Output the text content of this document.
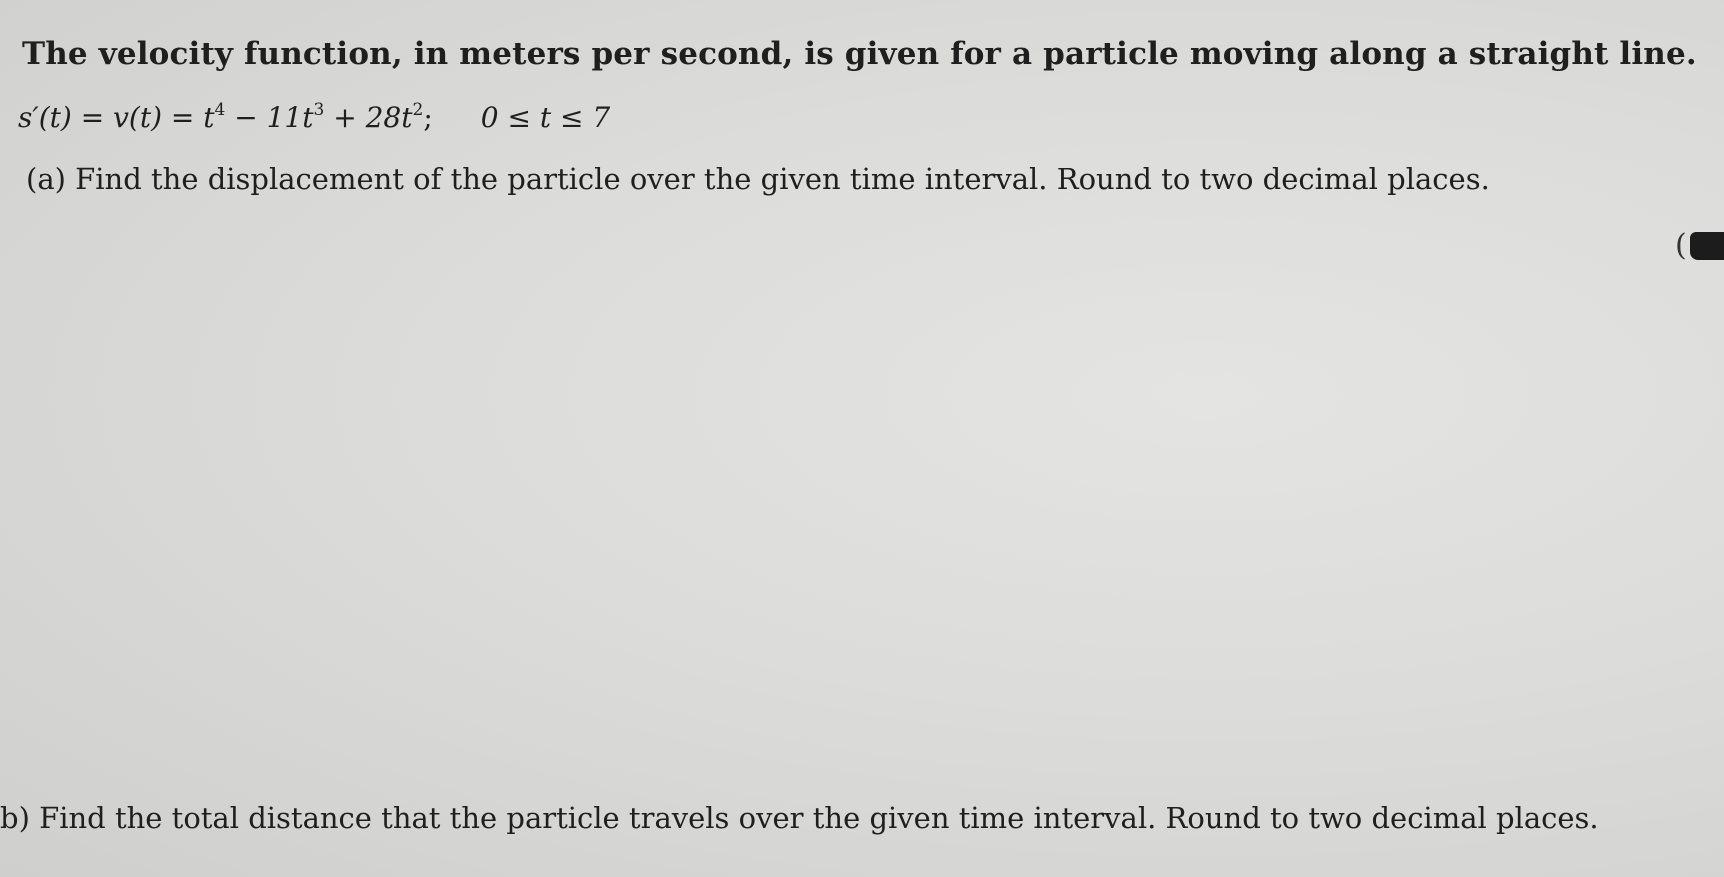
The velocity function, in meters per second, is given for a particle moving along a straight line.
$s'(t) = v(t) = t^4 - 11t^3 + 28t^2$; 0 ≤ t ≤ 7
(a) Find the displacement of the particle over the given time interval. Round to two decimal places.
(
b) Find the total distance that the particle travels over the given time interval. Round to two decimal places.
